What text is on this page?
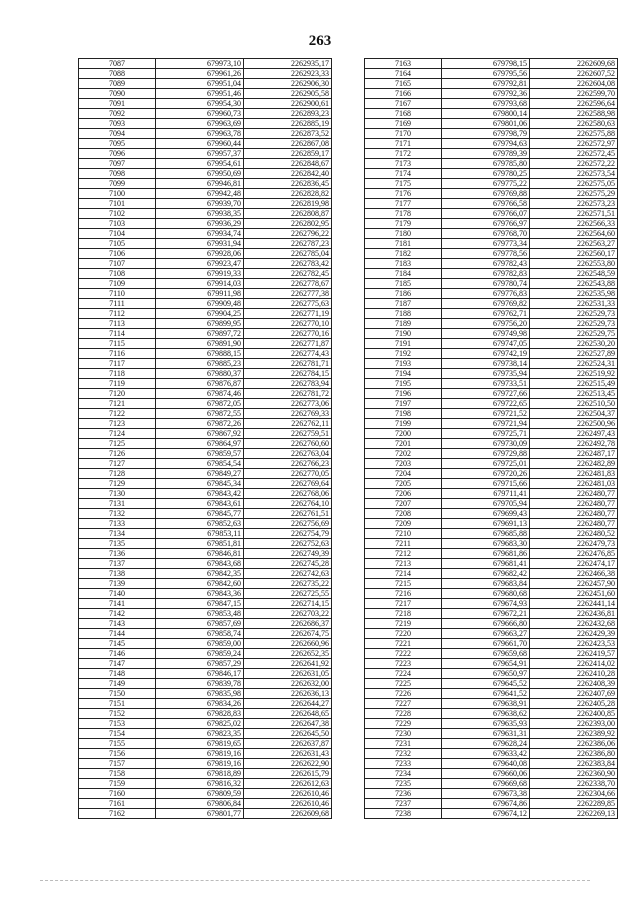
263
7087	679973,10	2262935,17
7088	679961,26	2262923,33
7089	679951,04	2262906,30
7090	679951,46	2262905,58
7091	679954,30	2262900,61
7092	679960,73	2262893,23
7093	679963,69	2262885,19
7094	679963,78	2262873,52
7095	679960,44	2262867,08
7096	679957,37	2262859,17
7097	679954,61	2262848,67
7098	679950,69	2262842,40
7099	679946,81	2262836,45
7100	679942,48	2262828,82
7101	679939,70	2262819,98
7102	679938,35	2262808,87
7103	679936,29	2262802,95
7104	679934,74	2262796,22
7105	679931,94	2262787,23
7106	679928,06	2262785,04
7107	679923,47	2262783,42
7108	679919,33	2262782,45
7109	679914,03	2262778,67
7110	679911,98	2262777,38
7111	679909,48	2262775,63
7112	679904,25	2262771,19
7113	679899,95	2262770,10
7114	679897,72	2262770,16
7115	679891,90	2262771,87
7116	679888,15	2262774,43
7117	679885,23	2262781,71
7118	679880,37	2262784,15
7119	679876,87	2262783,94
7120	679874,46	2262781,72
7121	679872,05	2262773,06
7122	679872,55	2262769,33
7123	679872,26	2262762,11
7124	679867,92	2262759,51
7125	679864,97	2262760,60
7126	679859,57	2262763,04
7127	679854,54	2262766,23
7128	679849,27	2262770,05
7129	679845,34	2262769,64
7130	679843,42	2262768,06
7131	679843,61	2262764,10
7132	679845,77	2262761,51
7133	679852,63	2262756,69
7134	679853,11	2262754,79
7135	679851,81	2262752,63
7136	679846,81	2262749,39
7137	679843,68	2262745,28
7138	679842,35	2262742,63
7139	679842,60	2262735,22
7140	679843,36	2262725,55
7141	679847,15	2262714,15
7142	679853,48	2262703,22
7143	679857,69	2262686,37
7144	679858,74	2262674,75
7145	679859,00	2262660,96
7146	679859,24	2262652,35
7147	679857,29	2262641,92
7148	679846,17	2262631,05
7149	679839,78	2262632,00
7150	679835,98	2262636,13
7151	679834,26	2262644,27
7152	679828,83	2262648,65
7153	679825,02	2262647,38
7154	679823,35	2262645,50
7155	679819,65	2262637,87
7156	679819,16	2262631,43
7157	679819,16	2262622,90
7158	679818,89	2262615,79
7159	679816,32	2262612,63
7160	679809,59	2262610,46
7161	679806,84	2262610,46
7162	679801,77	2262609,68
7163	679798,15	2262609,68
7164	679795,56	2262607,52
7165	679792,81	2262604,08
7166	679792,36	2262599,70
7167	679793,68	2262596,64
7168	679800,14	2262588,98
7169	679801,06	2262580,63
7170	679798,79	2262575,88
7171	679794,63	2262572,97
7172	679789,39	2262572,45
7173	679785,80	2262572,22
7174	679780,25	2262573,54
7175	679775,22	2262575,05
7176	679769,88	2262575,29
7177	679766,58	2262573,23
7178	679766,07	2262571,51
7179	679766,97	2262566,33
7180	679768,70	2262564,60
7181	679773,34	2262563,27
7182	679778,56	2262560,17
7183	679782,43	2262553,80
7184	679782,83	2262548,59
7185	679780,74	2262543,88
7186	679776,83	2262535,98
7187	679769,82	2262531,33
7188	679762,71	2262529,73
7189	679756,20	2262529,73
7190	679749,98	2262529,75
7191	679747,05	2262530,20
7192	679742,19	2262527,89
7193	679738,14	2262524,31
7194	679735,94	2262519,92
7195	679733,51	2262515,49
7196	679727,66	2262513,45
7197	679722,65	2262510,50
7198	679721,52	2262504,37
7199	679721,94	2262500,96
7200	679725,71	2262497,43
7201	679730,09	2262492,78
7202	679729,88	2262487,17
7203	679725,01	2262482,89
7204	679720,26	2262481,83
7205	679715,66	2262481,03
7206	679711,41	2262480,77
7207	679705,94	2262480,77
7208	679699,43	2262480,77
7209	679691,13	2262480,77
7210	679685,88	2262480,52
7211	679683,30	2262479,73
7212	679681,86	2262476,85
7213	679681,41	2262474,17
7214	679682,42	2262466,38
7215	679683,84	2262457,90
7216	679680,68	2262451,60
7217	679674,93	2262441,14
7218	679672,21	2262436,81
7219	679666,80	2262432,68
7220	679663,27	2262429,39
7221	679661,70	2262423,53
7222	679659,68	2262419,57
7223	679654,91	2262414,02
7224	679650,97	2262410,28
7225	679645,52	2262408,39
7226	679641,52	2262407,69
7227	679638,91	2262405,28
7228	679638,62	2262400,85
7229	679635,93	2262393,00
7230	679631,31	2262389,92
7231	679628,24	2262386,06
7232	679633,42	2262386,80
7233	679640,08	2262383,84
7234	679660,06	2262360,90
7235	679669,68	2262338,70
7236	679673,38	2262304,66
7237	679674,86	2262289,85
7238	679674,12	2262269,13
